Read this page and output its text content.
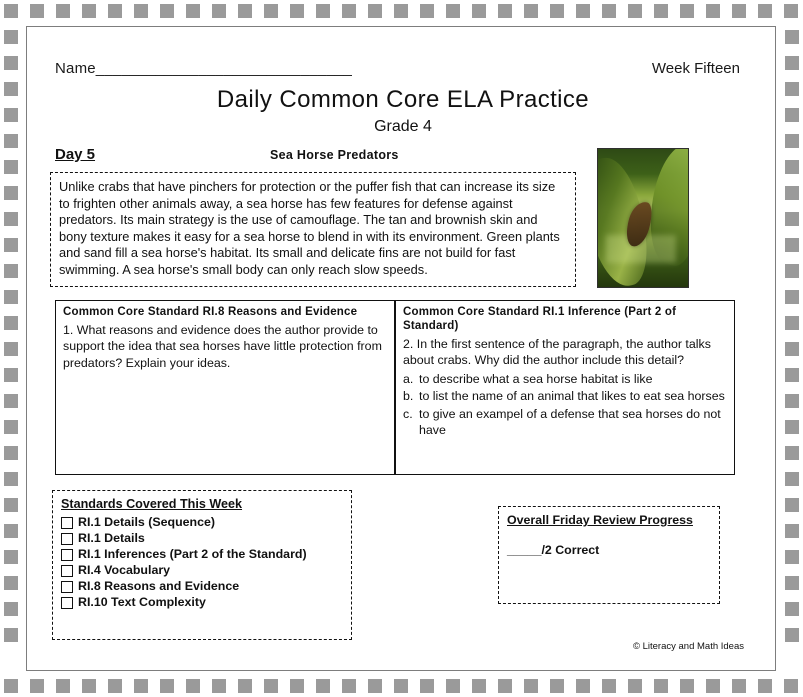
Name______________________________	Week Fifteen
Daily Common Core ELA Practice
Grade 4
Day 5	Sea Horse Predators
Unlike crabs that have pinchers for protection or the puffer fish that can increase its size to frighten other animals away, a sea horse has few features for defense against predators. Its main strategy is the use of camouflage. The tan and brownish skin and bony texture makes it easy for a sea horse to blend in with its environment. Green plants and sand fill a sea horse's habitat. Its small and delicate fins are not build for fast swimming. A sea horse's small body can only reach slow speeds.
Common Core Standard RI.8 Reasons and Evidence
1. What reasons and evidence does the author provide to support the idea that sea horses have little protection from predators? Explain your ideas.
Common Core Standard RI.1 Inference (Part 2 of Standard)
2. In the first sentence of the paragraph, the author talks about crabs. Why did the author include this detail?
a. to describe what a sea horse habitat is like
b. to list the name of an animal that likes to eat sea horses
c. to give an exampel of a defense that sea horses do not have
Standards Covered This Week
RI.1 Details (Sequence)
RI.1 Details
RI.1 Inferences (Part 2 of the Standard)
RI.4 Vocabulary
RI.8 Reasons and Evidence
RI.10 Text Complexity
Overall Friday Review Progress
_____/2 Correct
© Literacy and Math Ideas
